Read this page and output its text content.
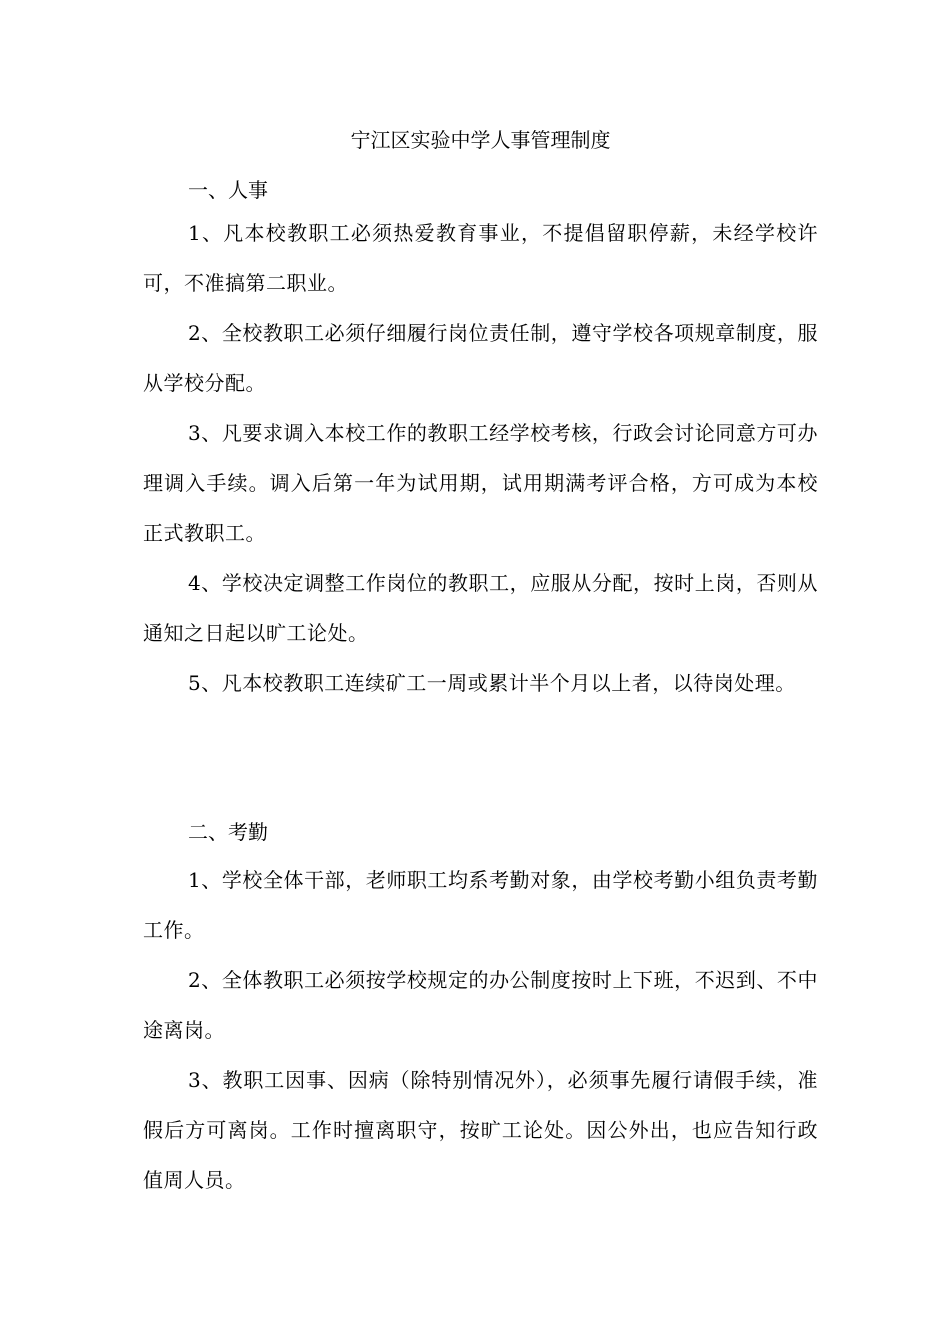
宁江区实验中学人事管理制度
一、人事

1、凡本校教职工必须热爱教育事业，不提倡留职停薪，未经学校许可，不准搞第二职业。

2、全校教职工必须仔细履行岗位责任制，遵守学校各项规章制度，服从学校分配。

3、凡要求调入本校工作的教职工经学校考核，行政会讨论同意方可办理调入手续。调入后第一年为试用期，试用期满考评合格，方可成为本校正式教职工。

4、学校决定调整工作岗位的教职工，应服从分配，按时上岗，否则从通知之日起以旷工论处。

5、凡本校教职工连续矿工一周或累计半个月以上者，以待岗处理。

二、考勤

1、学校全体干部，老师职工均系考勤对象，由学校考勤小组负责考勤工作。

2、全体教职工必须按学校规定的办公制度按时上下班，不迟到、不中途离岗。

3、教职工因事、因病（除特别情况外），必须事先履行请假手续，准假后方可离岗。工作时擅离职守，按旷工论处。因公外出，也应告知行政值周人员。
